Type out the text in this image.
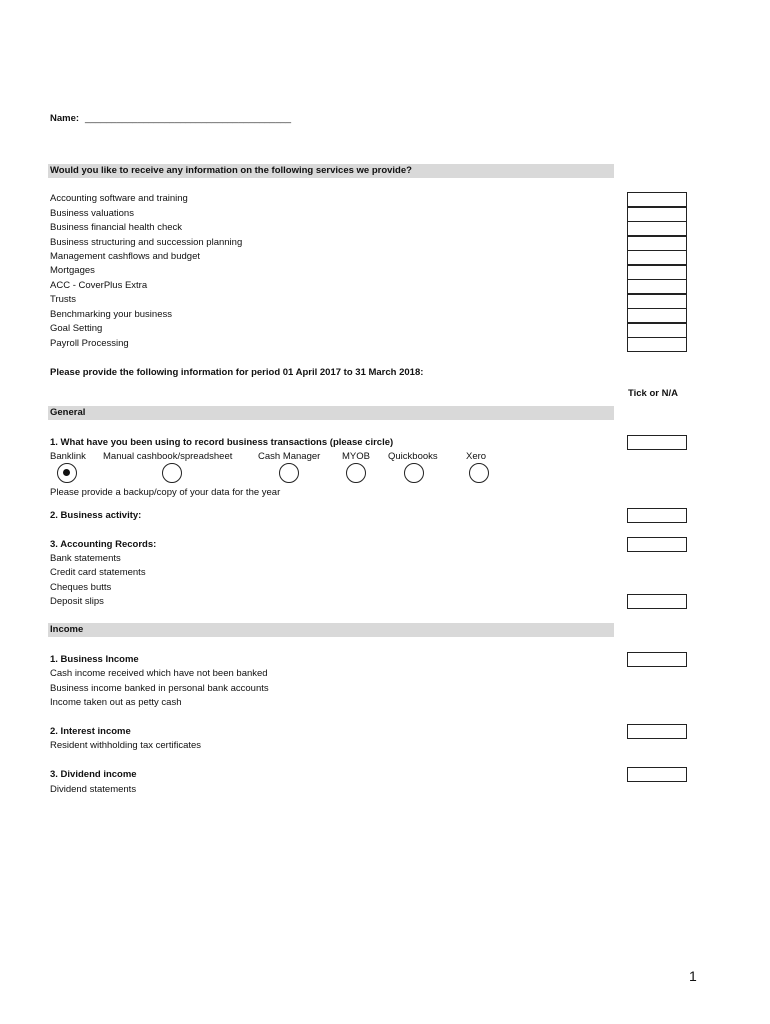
Name: _______________________________________
Would you like to receive any information on the following services we provide?
Accounting software and training
Business valuations
Business financial health check
Business structuring and succession planning
Management cashflows and budget
Mortgages
ACC - CoverPlus Extra
Trusts
Benchmarking your business
Goal Setting
Payroll Processing
Please provide the following information for period 01 April 2017 to 31 March 2018:
Tick or N/A
General
1. What have you been using to record business transactions (please circle)
Banklink Manual cashbook/spreadsheet	Cash Manager MYOB Quickbooks	Xero
Please provide a backup/copy of your data for the year
2. Business activity:
3. Accounting Records:
Bank statements
Credit card statements
Cheques butts
Deposit slips
Income
1. Business Income
Cash income received which have not been banked
Business income banked in personal bank accounts
Income taken out as petty cash
2. Interest income
Resident withholding tax certificates
3. Dividend income
Dividend statements
1
